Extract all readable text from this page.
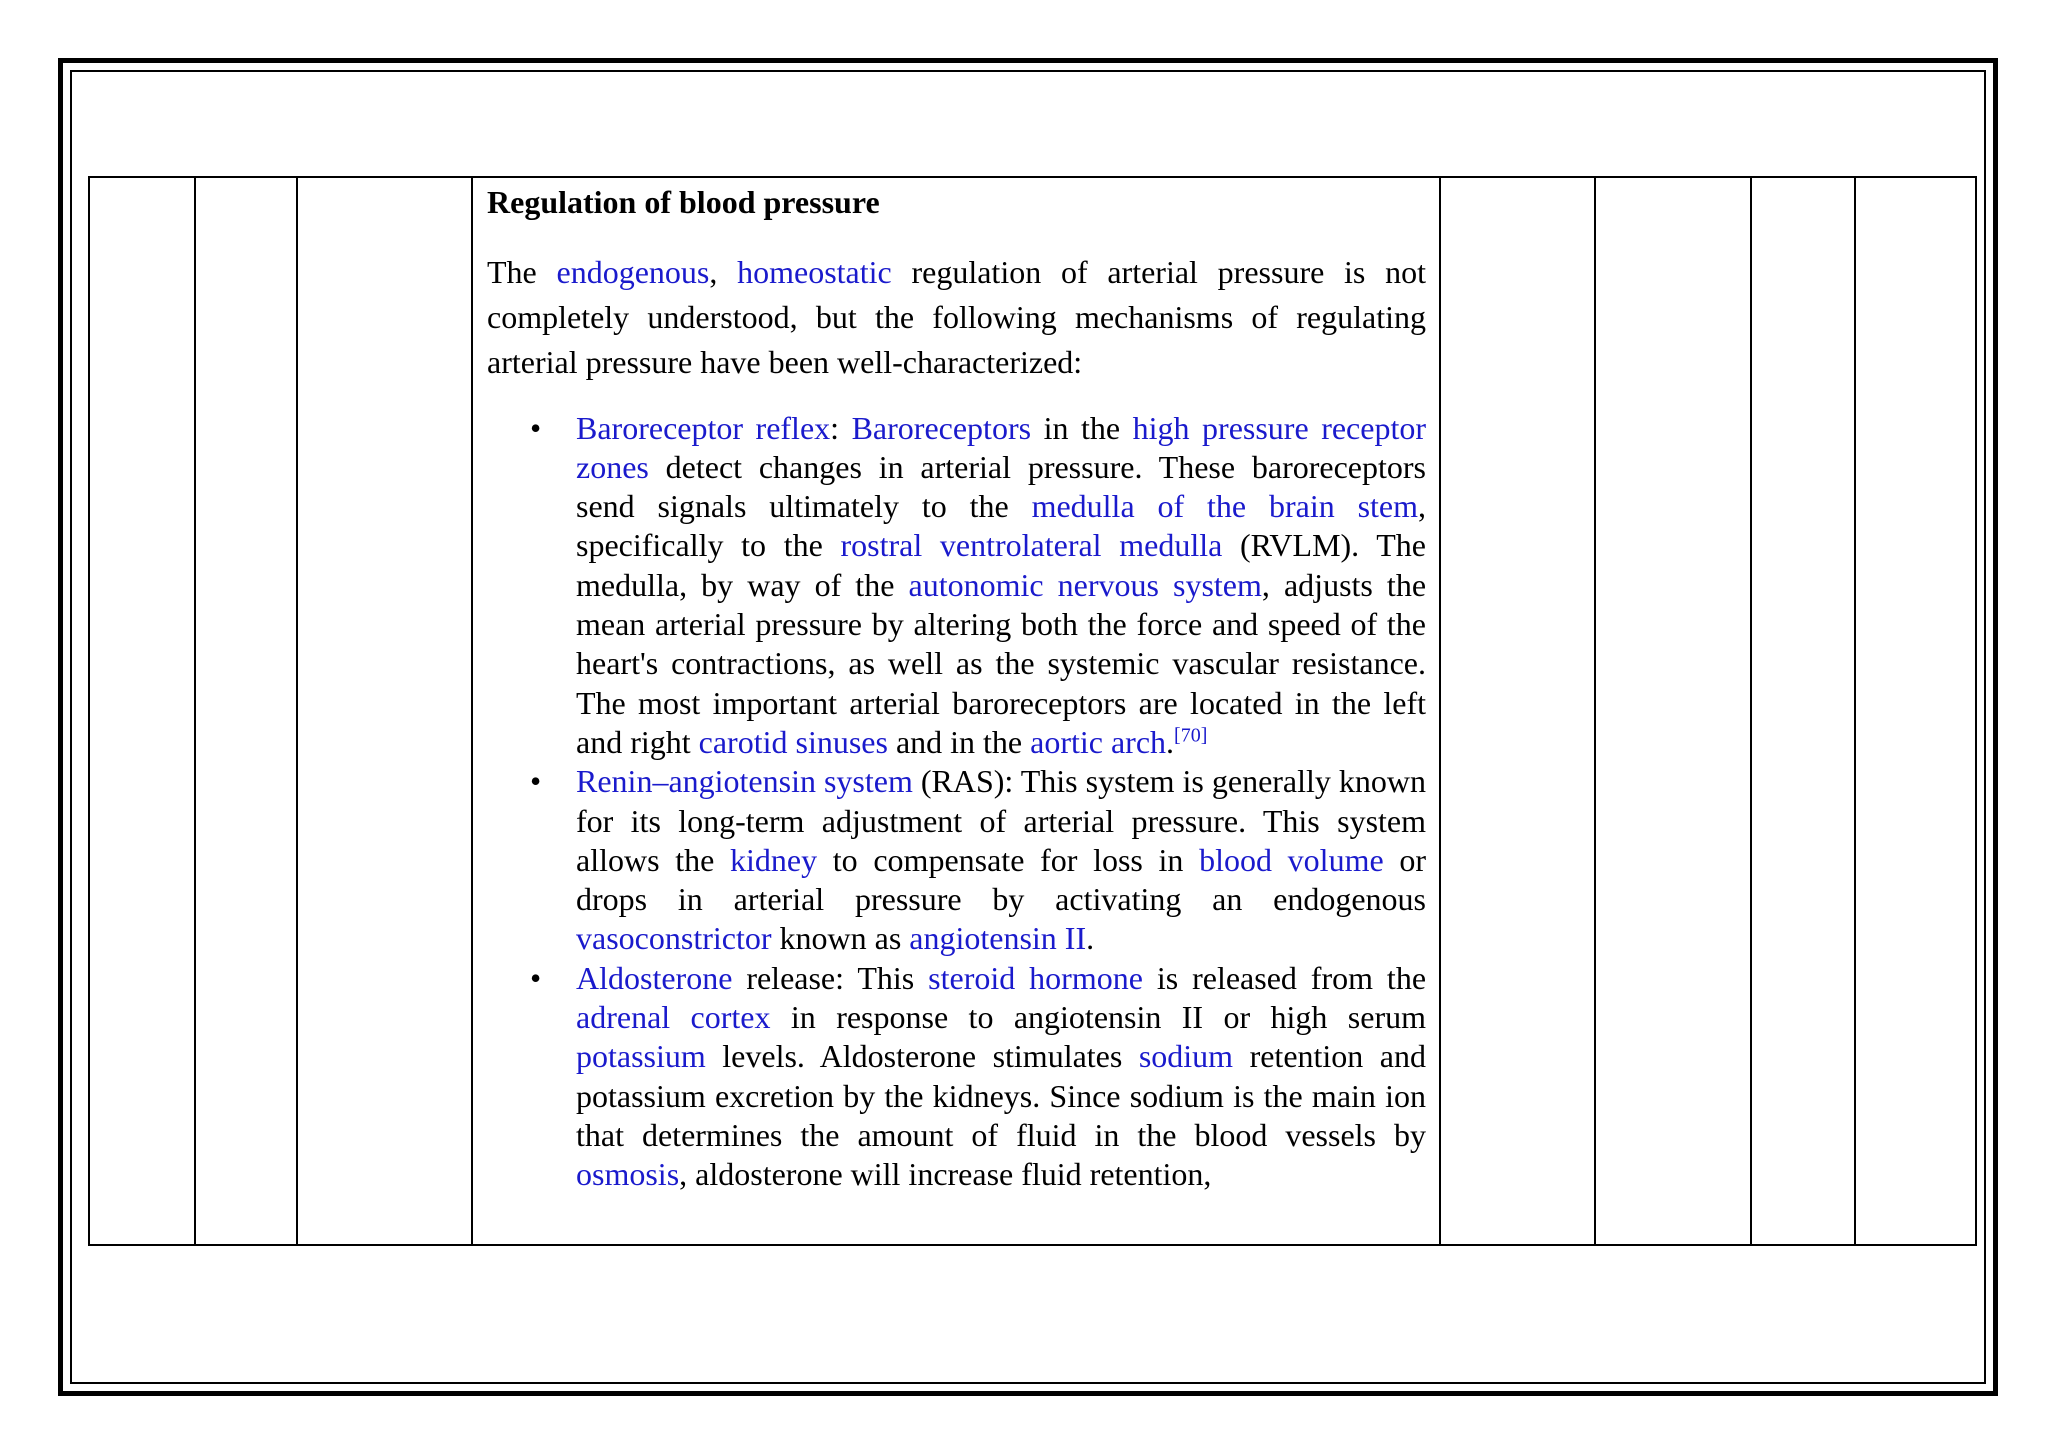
Regulation of blood pressure

The endogenous, homeostatic regulation of arterial pressure is not completely understood, but the following mechanisms of regulating arterial pressure have been well-characterized:

• Baroreceptor reflex: Baroreceptors in the high pressure receptor zones detect changes in arterial pressure. These baroreceptors send signals ultimately to the medulla of the brain stem, specifically to the rostral ventrolateral medulla (RVLM). The medulla, by way of the autonomic nervous system, adjusts the mean arterial pressure by altering both the force and speed of the heart's contractions, as well as the systemic vascular resistance. The most important arterial baroreceptors are located in the left and right carotid sinuses and in the aortic arch.[70]
• Renin–angiotensin system (RAS): This system is generally known for its long-term adjustment of arterial pressure. This system allows the kidney to compensate for loss in blood volume or drops in arterial pressure by activating an endogenous vasoconstrictor known as angiotensin II.
• Aldosterone release: This steroid hormone is released from the adrenal cortex in response to angiotensin II or high serum potassium levels. Aldosterone stimulates sodium retention and potassium excretion by the kidneys. Since sodium is the main ion that determines the amount of fluid in the blood vessels by osmosis, aldosterone will increase fluid retention,
